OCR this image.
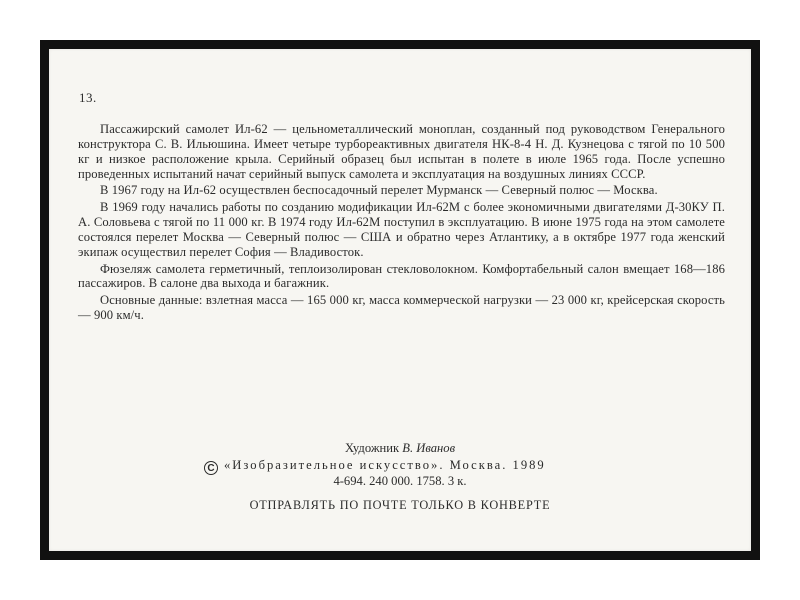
13.

Пассажирский самолет Ил-62 — цельнометаллический моноплан, созданный под руководством Генерального конструктора С. В. Ильюшина. Имеет четыре турбореактивных двигателя НК-8-4 Н. Д. Кузнецова с тягой по 10 500 кг и низкое расположение крыла. Серийный образец был испытан в полете в июле 1965 года. После успешно проведенных испытаний начат серийный выпуск самолета и эксплуатация на воздушных линиях СССР.

В 1967 году на Ил-62 осуществлен беспосадочный перелет Мурманск — Северный полюс — Москва.

В 1969 году начались работы по созданию модификации Ил-62М с более экономичными двигателями Д-30КУ П. А. Соловьева с тягой по 11 000 кг. В 1974 году Ил-62М поступил в эксплуатацию. В июне 1975 года на этом самолете состоялся перелет Москва — Северный полюс — США и обратно через Атлантику, а в октябре 1977 года женский экипаж осуществил перелет София — Владивосток.

Фюзеляж самолета герметичный, теплоизолирован стекловолокном. Комфортабельный салон вмещает 168—186 пассажиров. В салоне два выхода и багажник.

Основные данные: взлетная масса — 165 000 кг, масса коммерческой нагрузки — 23 000 кг, крейсерская скорость — 900 км/ч.

Художник В. Иванов
C «Изобразительное искусство». Москва. 1989
4-694. 240 000. 1758. 3 к.
ОТПРАВЛЯТЬ ПО ПОЧТЕ ТОЛЬКО В КОНВЕРТЕ
